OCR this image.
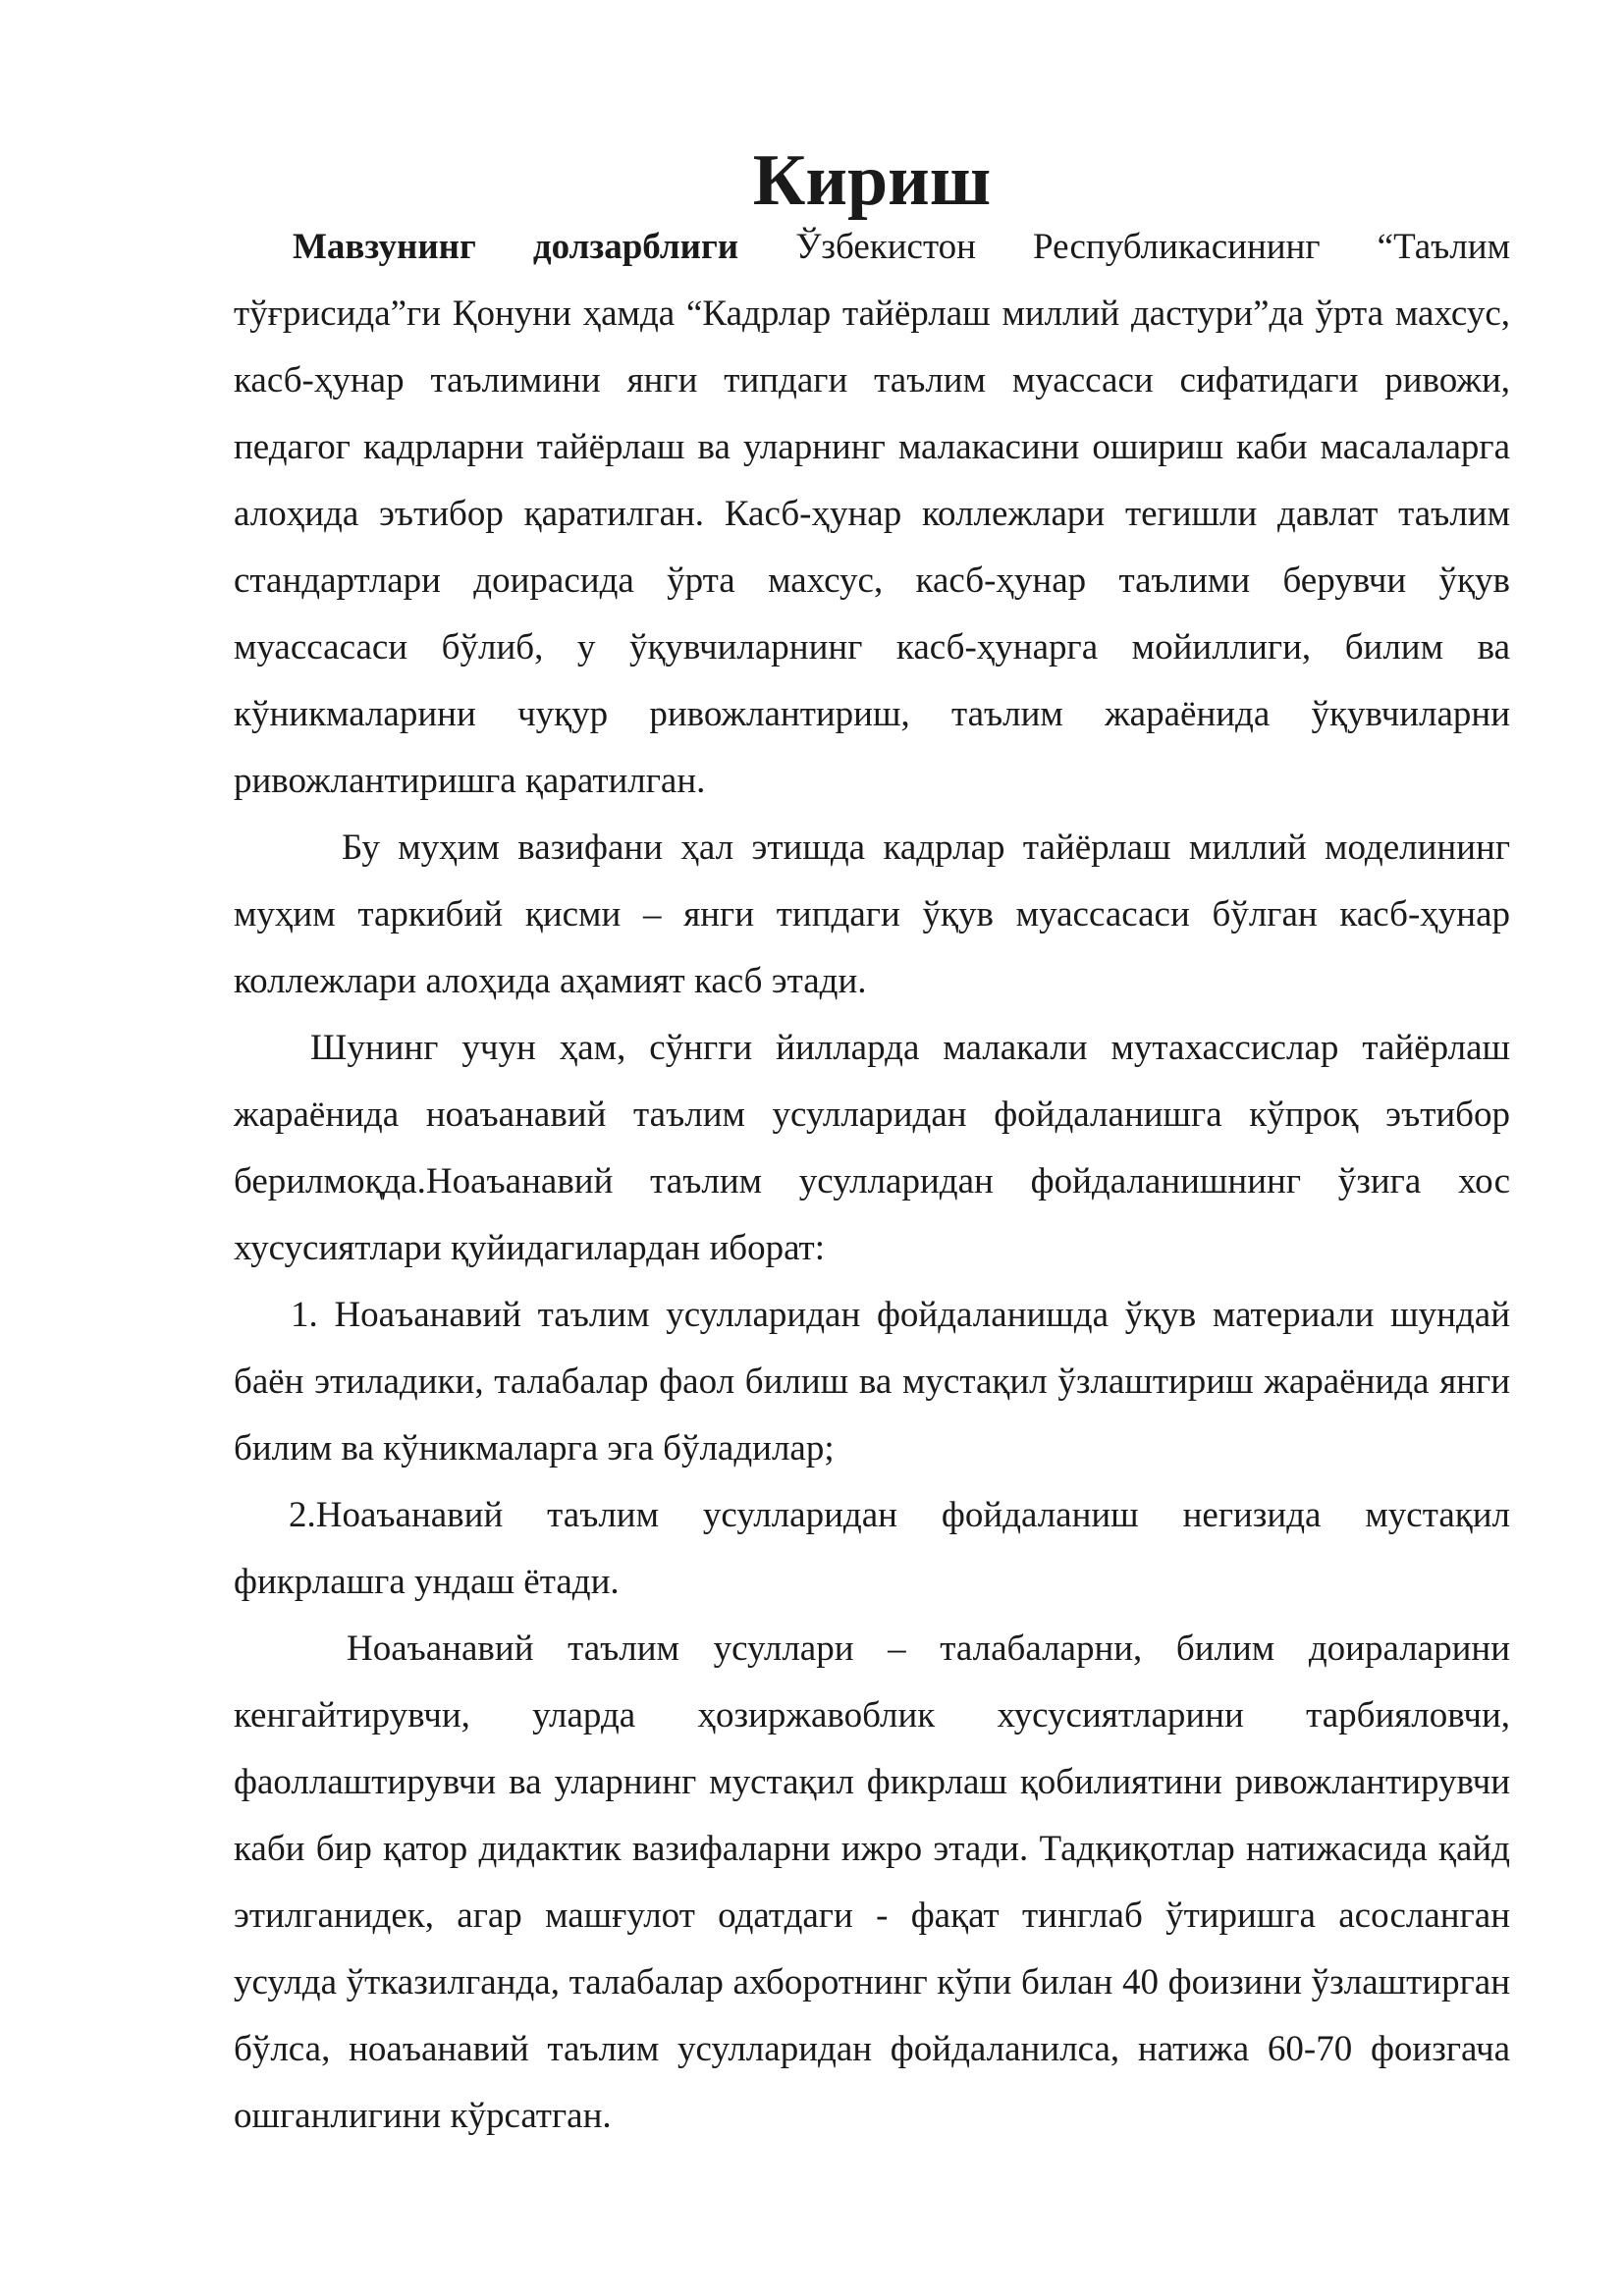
Кириш

Мавзунинг долзарблиги Ўзбекистон Республикасининг “Таълим тўғрисида”ги Қонуни ҳамда “Кадрлар тайёрлаш миллий дастури”да ўрта махсус, касб-ҳунар таълимини янги типдаги таълим муассаси сифатидаги ривожи, педагог кадрларни тайёрлаш ва уларнинг малакасини ошириш каби масалаларга алоҳида эътибор қаратилган. Касб-ҳунар коллежлари тегишли давлат таълим стандартлари доирасида ўрта махсус, касб-ҳунар таълими берувчи ўқув муассасаси бўлиб, у ўқувчиларнинг касб-ҳунарга мойиллиги, билим ва кўникмаларини чуқур ривожлантириш, таълим жараёнида ўқувчиларни ривожлантиришга қаратилган.

Бу муҳим вазифани ҳал этишда кадрлар тайёрлаш миллий моделининг муҳим таркибий қисми – янги типдаги ўқув муассасаси бўлган касб-ҳунар коллежлари алоҳида аҳамият касб этади.

Шунинг учун ҳам, сўнгги йилларда малакали мутахассислар тайёрлаш жараёнида ноаъанавий таълим усулларидан фойдаланишга кўпроқ эътибор берилмоқда.Ноаъанавий таълим усулларидан фойдаланишнинг ўзига хос хусусиятлари қуйидагилардан иборат:

1. Ноаъанавий таълим усулларидан фойдаланишда ўқув материали шундай баён этиладики, талабалар фаол билиш ва мустақил ўзлаштириш жараёнида янги билим ва кўникмаларга эга бўладилар;

2.Ноаъанавий таълим усулларидан фойдаланиш негизида мустақил фикрлашга ундаш ётади.

Ноаъанавий таълим усуллари – талабаларни, билим доираларини кенгайтирувчи, уларда ҳозиржавоблик хусусиятларини тарбияловчи, фаоллаштирувчи ва уларнинг мустақил фикрлаш қобилиятини ривожлантирувчи каби бир қатор дидактик вазифаларни ижро этади. Тадқиқотлар натижасида қайд этилганидек, агар машғулот одатдаги - фақат тинглаб ўтиришга асосланган усулда ўтказилганда, талабалар ахборотнинг кўпи билан 40 фоизини ўзлаштирган бўлса, ноаъанавий таълим усулларидан фойдаланилса, натижа 60-70 фоизгача ошганлигини кўрсатган.
